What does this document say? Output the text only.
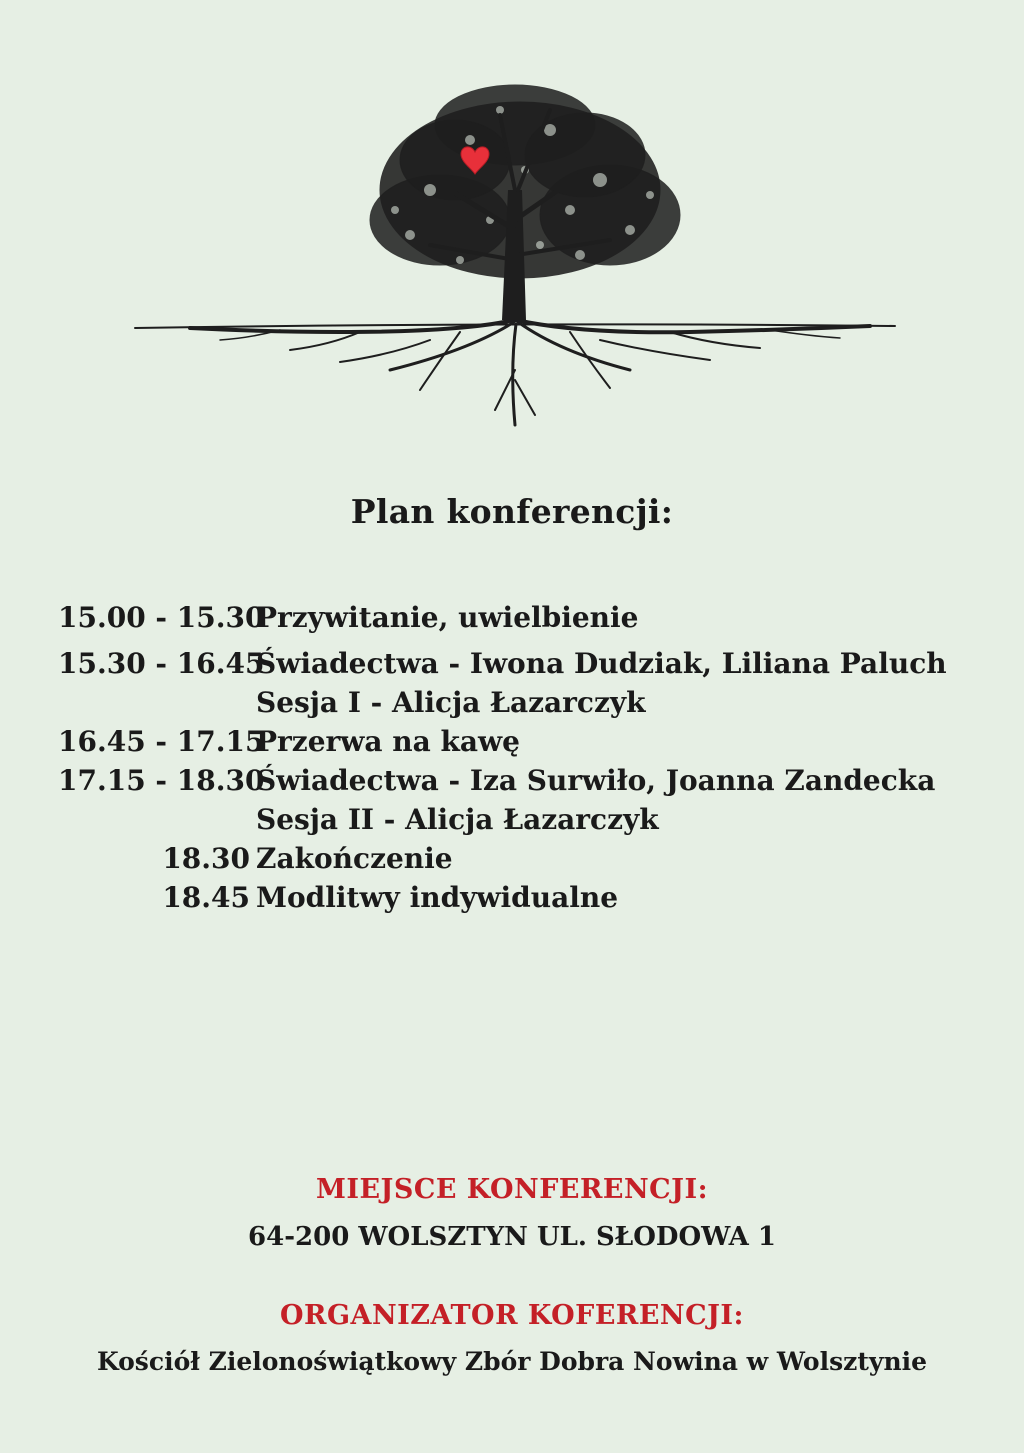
Plan konferencji:
15.00 - 15.30
Przywitanie, uwielbienie
15.30 - 16.45
Świadectwa - Iwona Dudziak, Liliana Paluch
Sesja I - Alicja Łazarczyk
16.45 - 17.15
Przerwa na kawę
17.15 - 18.30
Świadectwa - Iza Surwiło, Joanna Zandecka
Sesja II - Alicja Łazarczyk
18.30 Zakończenie
18.45 Modlitwy indywidualne
MIEJSCE KONFERENCJI:
64-200 WOLSZTYN UL. SŁODOWA 1
ORGANIZATOR KOFERENCJI:
Kościół Zielonoświątkowy Zbór Dobra Nowina w Wolsztynie
